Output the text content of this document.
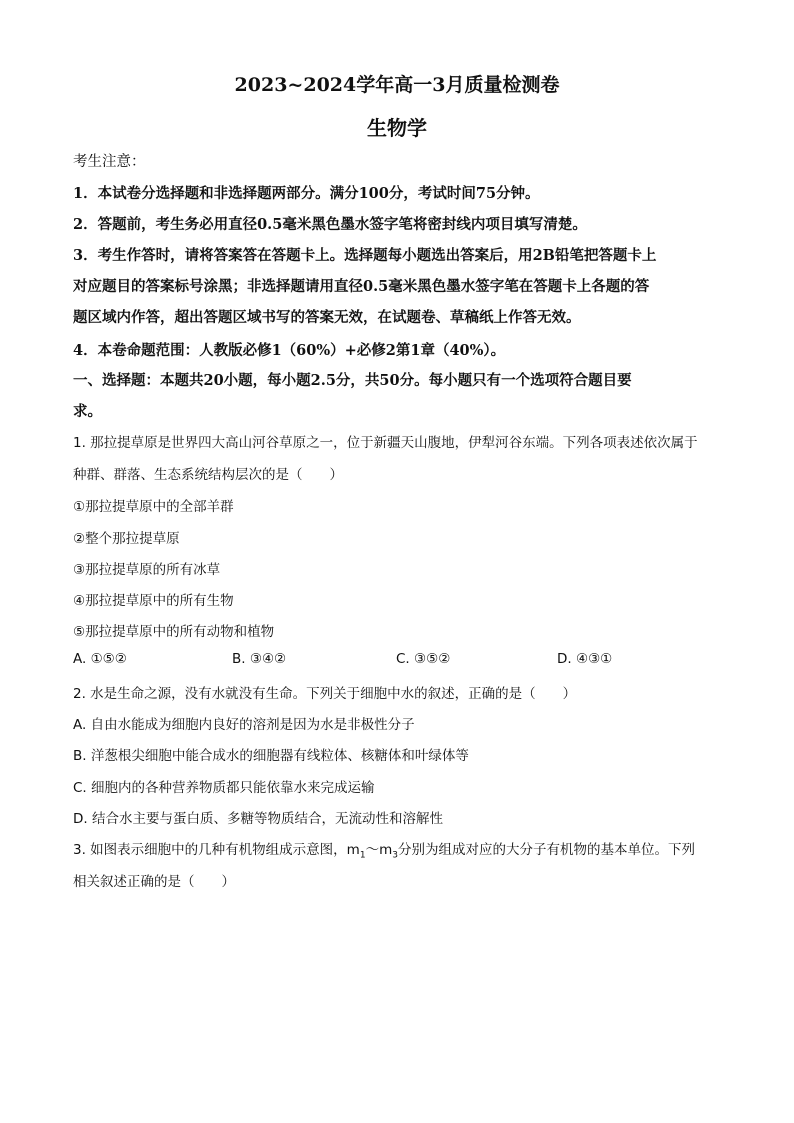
2023~2024学年高一3月质量检测卷
生物学
考生注意：
1．本试卷分选择题和非选择题两部分。满分100分，考试时间75分钟。
2．答题前，考生务必用直径0.5毫米黑色墨水签字笔将密封线内项目填写清楚。
3．考生作答时，请将答案答在答题卡上。选择题每小题选出答案后，用2B铅笔把答题卡上
对应题目的答案标号涂黑；非选择题请用直径0.5毫米黑色墨水签字笔在答题卡上各题的答
题区域内作答，超出答题区域书写的答案无效，在试题卷、草稿纸上作答无效。
4．本卷命题范围：人教版必修1（60%）+必修2第1章（40%）。
一、选择题：本题共20小题，每小题2.5分，共50分。每小题只有一个选项符合题目要
求。
1. 那拉提草原是世界四大高山河谷草原之一，位于新疆天山腹地，伊犁河谷东端。下列各项表述依次属于
种群、群落、生态系统结构层次的是（　　）
①那拉提草原中的全部羊群
②整个那拉提草原
③那拉提草原的所有冰草
④那拉提草原中的所有生物
⑤那拉提草原中的所有动物和植物
A. ①⑤②	B. ③④②	C. ③⑤②	D. ④③①
2. 水是生命之源，没有水就没有生命。下列关于细胞中水的叙述，正确的是（　　）
A. 自由水能成为细胞内良好的溶剂是因为水是非极性分子
B. 洋葱根尖细胞中能合成水的细胞器有线粒体、核糖体和叶绿体等
C. 细胞内的各种营养物质都只能依靠水来完成运输
D. 结合水主要与蛋白质、多糖等物质结合，无流动性和溶解性
3. 如图表示细胞中的几种有机物组成示意图，$m_1\sim m_3$分别为组成对应的大分子有机物的基本单位。下列
相关叙述正确的是（　　）
